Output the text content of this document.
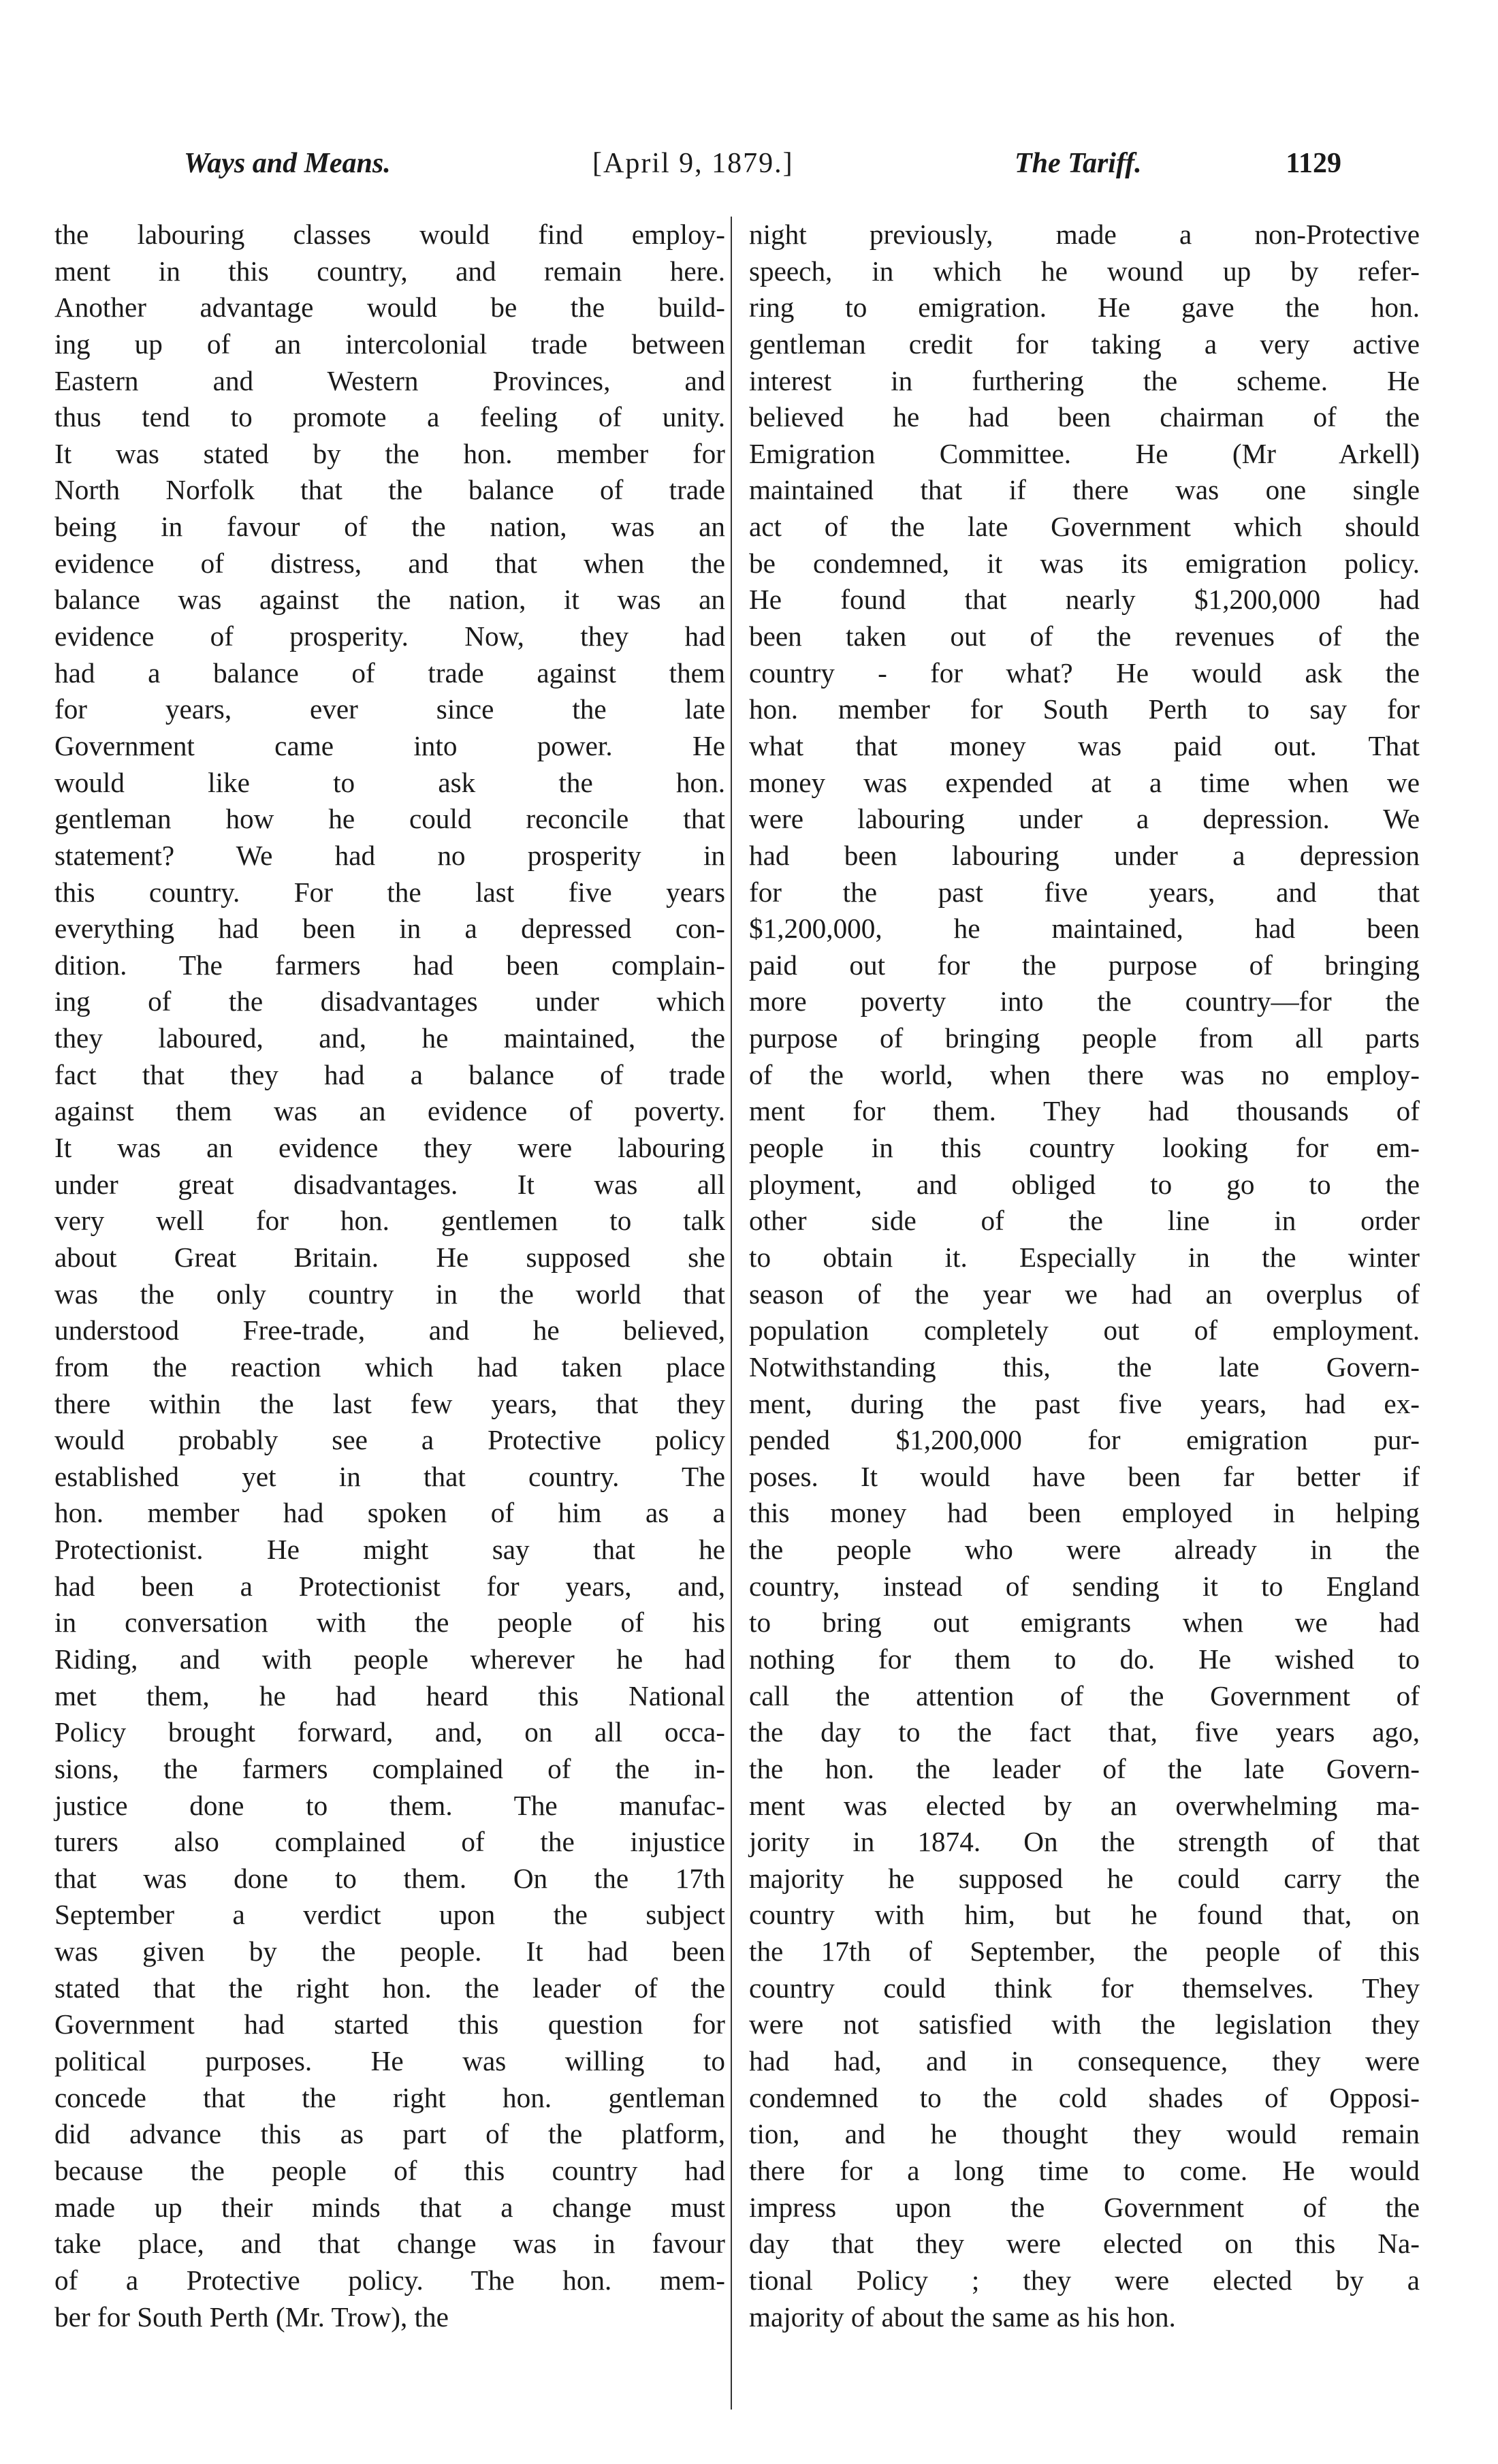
Ways and Means.	[April 9, 1879.]	The Tariff.	1129
the labouring classes would find employ-
ment in this country, and remain here.
Another advantage would be the build-
ing up of an intercolonial trade between
Eastern and Western Provinces, and
thus tend to promote a feeling of unity.
It was stated by the hon. member for
North Norfolk that the balance of trade
being in favour of the nation, was an
evidence of distress, and that when the
balance was against the nation, it was an
evidence of prosperity. Now, they had
had a balance of trade against them
for years, ever since the late
Government came into power. He
would like to ask the hon.
gentleman how he could reconcile that
statement? We had no prosperity in
this country. For the last five years
everything had been in a depressed con-
dition. The farmers had been complain-
ing of the disadvantages under which
they laboured, and, he maintained, the
fact that they had a balance of trade
against them was an evidence of poverty.
It was an evidence they were labouring
under great disadvantages. It was all
very well for hon. gentlemen to talk
about Great Britain. He supposed she
was the only country in the world that
understood Free-trade, and he believed,
from the reaction which had taken place
there within the last few years, that they
would probably see a Protective policy
established yet in that country. The
hon. member had spoken of him as a
Protectionist. He might say that he
had been a Protectionist for years, and,
in conversation with the people of his
Riding, and with people wherever he had
met them, he had heard this National
Policy brought forward, and, on all occa-
sions, the farmers complained of the in-
justice done to them. The manufac-
turers also complained of the injustice
that was done to them. On the 17th
September a verdict upon the subject
was given by the people. It had been
stated that the right hon. the leader of the
Government had started this question for
political purposes. He was willing to
concede that the right hon. gentleman
did advance this as part of the platform,
because the people of this country had
made up their minds that a change must
take place, and that change was in favour
of a Protective policy. The hon. mem-
ber for South Perth (Mr. Trow), the
night previously, made a non-Protective
speech, in which he wound up by refer-
ring to emigration. He gave the hon.
gentleman credit for taking a very active
interest in furthering the scheme. He
believed he had been chairman of the
Emigration Committee. He (Mr Arkell)
maintained that if there was one single
act of the late Government which should
be condemned, it was its emigration policy.
He found that nearly $1,200,000 had
been taken out of the revenues of the
country - for what? He would ask the
hon. member for South Perth to say for
what that money was paid out. That
money was expended at a time when we
were labouring under a depression. We
had been labouring under a depression
for the past five years, and that
$1,200,000, he maintained, had been
paid out for the purpose of bringing
more poverty into the country—for the
purpose of bringing people from all parts
of the world, when there was no employ-
ment for them. They had thousands of
people in this country looking for em-
ployment, and obliged to go to the
other side of the line in order
to obtain it. Especially in the winter
season of the year we had an overplus of
population completely out of employment.
Notwithstanding this, the late Govern-
ment, during the past five years, had ex-
pended $1,200,000 for emigration pur-
poses. It would have been far better if
this money had been employed in helping
the people who were already in the
country, instead of sending it to England
to bring out emigrants when we had
nothing for them to do. He wished to
call the attention of the Government of
the day to the fact that, five years ago,
the hon. the leader of the late Govern-
ment was elected by an overwhelming ma-
jority in 1874. On the strength of that
majority he supposed he could carry the
country with him, but he found that, on
the 17th of September, the people of this
country could think for themselves. They
were not satisfied with the legislation they
had had, and in consequence, they were
condemned to the cold shades of Opposi-
tion, and he thought they would remain
there for a long time to come. He would
impress upon the Government of the
day that they were elected on this Na-
tional Policy ; they were elected by a
majority of about the same as his hon.
